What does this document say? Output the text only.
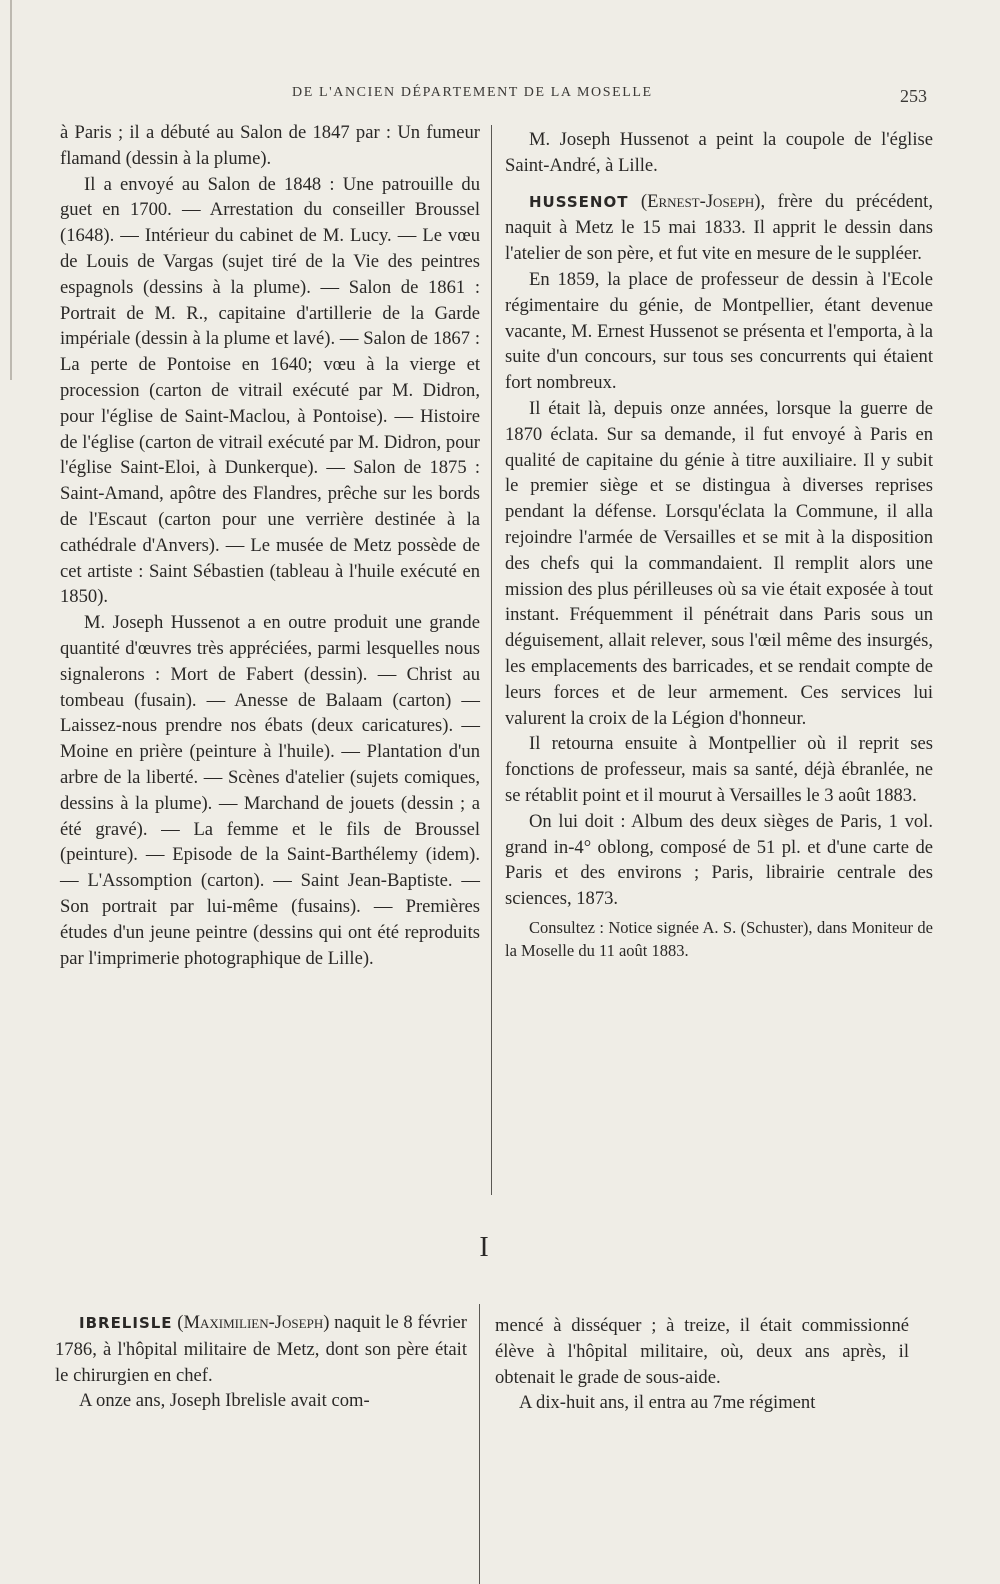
DE L'ANCIEN DÉPARTEMENT DE LA MOSELLE	253

à Paris ; il a débuté au Salon de 1847 par : Un fumeur flamand (dessin à la plume).

Il a envoyé au Salon de 1848 : Une patrouille du guet en 1700. — Arrestation du conseiller Broussel (1648). — Intérieur du cabinet de M. Lucy. — Le vœu de Louis de Vargas (sujet tiré de la Vie des peintres espagnols (dessins à la plume). — Salon de 1861 : Portrait de M. R., capitaine d'artillerie de la Garde impériale (dessin à la plume et lavé). — Salon de 1867 : La perte de Pontoise en 1640; vœu à la vierge et procession (carton de vitrail exécuté par M. Didron, pour l'église de Saint-Maclou, à Pontoise). — Histoire de l'église (carton de vitrail exécuté par M. Didron, pour l'église Saint-Eloi, à Dunkerque). — Salon de 1875 : Saint-Amand, apôtre des Flandres, prêche sur les bords de l'Escaut (carton pour une verrière destinée à la cathédrale d'Anvers). — Le musée de Metz possède de cet artiste : Saint Sébastien (tableau à l'huile exécuté en 1850).

M. Joseph Hussenot a en outre produit une grande quantité d'œuvres très appréciées, parmi lesquelles nous signalerons : Mort de Fabert (dessin). — Christ au tombeau (fusain). — Anesse de Balaam (carton) — Laissez-nous prendre nos ébats (deux caricatures). — Moine en prière (peinture à l'huile). — Plantation d'un arbre de la liberté. — Scènes d'atelier (sujets comiques, dessins à la plume). — Marchand de jouets (dessin ; a été gravé). — La femme et le fils de Broussel (peinture). — Episode de la Saint-Barthélemy (idem). — L'Assomption (carton). — Saint Jean-Baptiste. — Son portrait par lui-même (fusains). — Premières études d'un jeune peintre (dessins qui ont été reproduits par l'imprimerie photographique de Lille).

M. Joseph Hussenot a peint la coupole de l'église Saint-André, à Lille.

HUSSENOT (Ernest-Joseph), frère du précédent, naquit à Metz le 15 mai 1833. Il apprit le dessin dans l'atelier de son père, et fut vite en mesure de le suppléer.

En 1859, la place de professeur de dessin à l'Ecole régimentaire du génie, de Montpellier, étant devenue vacante, M. Ernest Hussenot se présenta et l'emporta, à la suite d'un concours, sur tous ses concurrents qui étaient fort nombreux.

Il était là, depuis onze années, lorsque la guerre de 1870 éclata. Sur sa demande, il fut envoyé à Paris en qualité de capitaine du génie à titre auxiliaire. Il y subit le premier siège et se distingua à diverses reprises pendant la défense. Lorsqu'éclata la Commune, il alla rejoindre l'armée de Versailles et se mit à la disposition des chefs qui la commandaient. Il remplit alors une mission des plus périlleuses où sa vie était exposée à tout instant. Fréquemment il pénétrait dans Paris sous un déguisement, allait relever, sous l'œil même des insurgés, les emplacements des barricades, et se rendait compte de leurs forces et de leur armement. Ces services lui valurent la croix de la Légion d'honneur.

Il retourna ensuite à Montpellier où il reprit ses fonctions de professeur, mais sa santé, déjà ébranlée, ne se rétablit point et il mourut à Versailles le 3 août 1883.

On lui doit : Album des deux sièges de Paris, 1 vol. grand in-4° oblong, composé de 51 pl. et d'une carte de Paris et des environs ; Paris, librairie centrale des sciences, 1873.

Consultez : Notice signée A. S. (Schuster), dans Moniteur de la Moselle du 11 août 1883.

I

IBRELISLE (Maximilien-Joseph) naquit le 8 février 1786, à l'hôpital militaire de Metz, dont son père était le chirurgien en chef.

A onze ans, Joseph Ibrelisle avait com-

mencé à disséquer ; à treize, il était commissionné élève à l'hôpital militaire, où, deux ans après, il obtenait le grade de sous-aide.

A dix-huit ans, il entra au 7me régiment
